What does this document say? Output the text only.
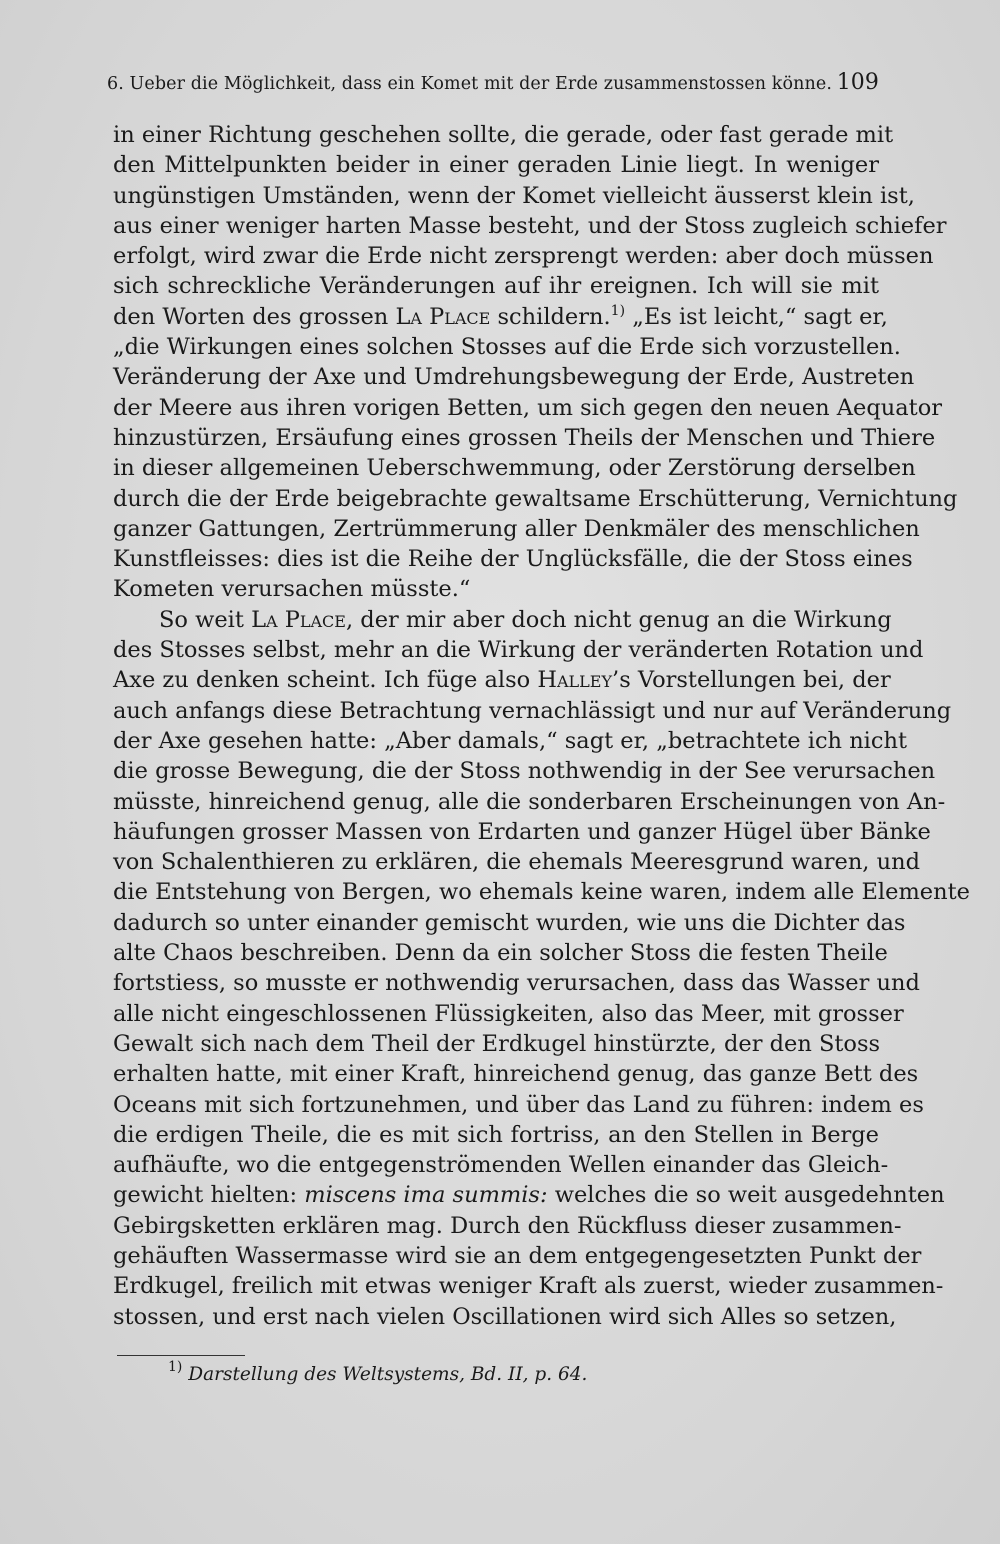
6. Ueber die Möglichkeit, dass ein Komet mit der Erde zusammenstossen könne. 109
in einer Richtung geschehen sollte, die gerade, oder fast gerade mit
den Mittelpunkten beider in einer geraden Linie liegt. In weniger
ungünstigen Umständen, wenn der Komet vielleicht äusserst klein ist,
aus einer weniger harten Masse besteht, und der Stoss zugleich schiefer
erfolgt, wird zwar die Erde nicht zersprengt werden: aber doch müssen
sich schreckliche Veränderungen auf ihr ereignen. Ich will sie mit
den Worten des grossen La Place schildern.$^{1)}$ „Es ist leicht,“ sagt er,
„die Wirkungen eines solchen Stosses auf die Erde sich vorzustellen.
Veränderung der Axe und Umdrehungsbewegung der Erde, Austreten
der Meere aus ihren vorigen Betten, um sich gegen den neuen Aequator
hinzustürzen, Ersäufung eines grossen Theils der Menschen und Thiere
in dieser allgemeinen Ueberschwemmung, oder Zerstörung derselben
durch die der Erde beigebrachte gewaltsame Erschütterung, Vernichtung
ganzer Gattungen, Zertrümmerung aller Denkmäler des menschlichen
Kunstfleisses: dies ist die Reihe der Unglücksfälle, die der Stoss eines
Kometen verursachen müsste.“
So weit La Place, der mir aber doch nicht genug an die Wirkung
des Stosses selbst, mehr an die Wirkung der veränderten Rotation und
Axe zu denken scheint. Ich füge also Halley’s Vorstellungen bei, der
auch anfangs diese Betrachtung vernachlässigt und nur auf Veränderung
der Axe gesehen hatte: „Aber damals,“ sagt er, „betrachtete ich nicht
die grosse Bewegung, die der Stoss nothwendig in der See verursachen
müsste, hinreichend genug, alle die sonderbaren Erscheinungen von An-
häufungen grosser Massen von Erdarten und ganzer Hügel über Bänke
von Schalenthieren zu erklären, die ehemals Meeresgrund waren, und
die Entstehung von Bergen, wo ehemals keine waren, indem alle Elemente
dadurch so unter einander gemischt wurden, wie uns die Dichter das
alte Chaos beschreiben. Denn da ein solcher Stoss die festen Theile
fortstiess, so musste er nothwendig verursachen, dass das Wasser und
alle nicht eingeschlossenen Flüssigkeiten, also das Meer, mit grosser
Gewalt sich nach dem Theil der Erdkugel hinstürzte, der den Stoss
erhalten hatte, mit einer Kraft, hinreichend genug, das ganze Bett des
Oceans mit sich fortzunehmen, und über das Land zu führen: indem es
die erdigen Theile, die es mit sich fortriss, an den Stellen in Berge
aufhäufte, wo die entgegenströmenden Wellen einander das Gleich-
gewicht hielten: miscens ima summis: welches die so weit ausgedehnten
Gebirgsketten erklären mag. Durch den Rückfluss dieser zusammen-
gehäuften Wassermasse wird sie an dem entgegengesetzten Punkt der
Erdkugel, freilich mit etwas weniger Kraft als zuerst, wieder zusammen-
stossen, und erst nach vielen Oscillationen wird sich Alles so setzen,
$^{1)}$ Darstellung des Weltsystems, Bd. II, p. 64.
